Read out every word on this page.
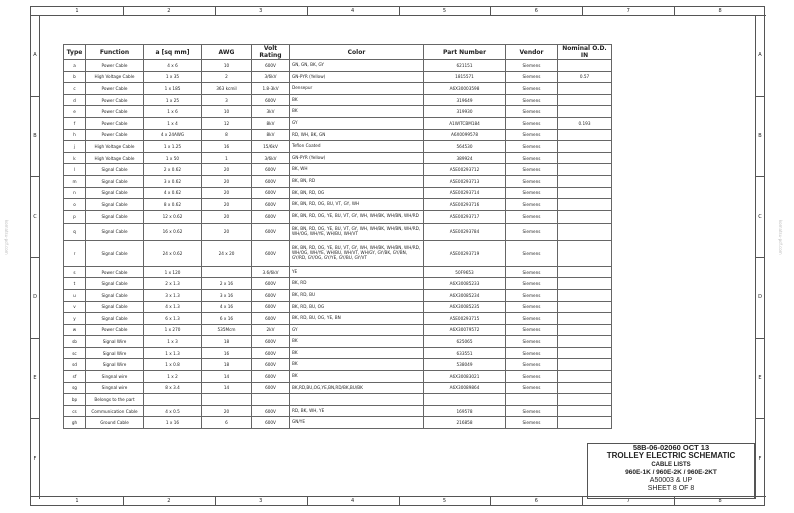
1	2	3	4	5	6	7	8
1	2	3	4	5	6	7	8
A
B
C
D
E
F
A
B
C
D
E
F
Type	Function	a [sq mm]	AWG	Volt Rating	Color	Part Number	Vendor	Nominal O.D. IN
a	Power Cable	4 x 6	10	600V	GN, GN, BK, GY	621151	Siemens	
b	High Voltage Cable	1 x 35	2	3/6kV	GN-PYR (Yellow)	1815571	Siemens	0.57
c	Power Cable	1 x 185	363 kcmil	1.8-3kV	Densepur	A6X30003598	Siemens	
d	Power Cable	1 x 25	3	600V	BK	319649	Siemens	
e	Power Cable	1 x 6	10	3kV	BK	319930	Siemens	
f	Power Cable	1 x 4	12	8kV	GY	A1WITCBM184	Siemens	0.193
h	Power Cable	4 x 24AWG	8	8kV	RD, WH, BK, GN	A6X0099578	Siemens	
j	High Voltage Cable	1 x 1.25	16	15/6kV	Teflon Coated	564530	Siemens	
k	High Voltage Cable	1 x 50	1	3/6kV	GN-PYR (Yellow)	389924	Siemens	
l	Signal Cable	2 x 0.62	20	600V	BK, WH	A5E00293712	Siemens	
m	Signal Cable	3 x 0.62	20	600V	BK, BN, RD	A5E00293713	Siemens	
n	Signal Cable	4 x 0.62	20	600V	BK, BN, RD, OG	A5E00293714	Siemens	
o	Signal Cable	8 x 0.62	20	600V	BK, BN, RD, OG, BU, VT, GY, WH	A5E00293716	Siemens	
p	Signal Cable	12 x 0.62	20	600V	BK, BN, RD, OG, YE, BU, VT, GY, WH, WH/BK, WH/BN, WH/RD	A5E00293717	Siemens	
q	Signal Cable	16 x 0.62	20	600V	BK, BN, RD, OG, YE, BU, VT, GY, WH, WH/BK, WH/BN, WH/RD, WH/OG, WH/YE, WH/BU, WH/VT	A5E00293784	Siemens	
r	Signal Cable	24 x 0.62	24 x 20	600V	BK, BN, RD, OG, YE, BU, VT, GY, WH, WH/BK, WH/BN, WH/RD, WH/OG, WH/YE, WH/BU, WH/VT, WH/GY, GY/BK, GY/BN, GY/RD, GY/OG, GY/YE, GY/BU, GY/VT	A5E00293719	Siemens	
s	Power Cable	1 x 120		3.6/6kV	YE	50F9653	Siemens	
t	Signal Cable	2 x 1.3	2 x 16	600V	BK, RD	A6X30085233	Siemens	
u	Signal Cable	3 x 1.3	3 x 16	600V	BK, RD, BU	A6X30085234	Siemens	
v	Signal Cable	4 x 1.3	4 x 16	600V	BK, RD, BU, OG	A6X30085235	Siemens	
y	Signal Cable	6 x 1.3	6 x 16	600V	BK, RD, BU, OG, YE, BN	A5E00293715	Siemens	
w	Power Cable	1 x 270	535Mcm	2kV	GY	A6X30079572	Siemens	
sb	Signal Wire	1 x 3	18	600V	BK	625065	Siemens	
sc	Signal Wire	1 x 1.3	16	600V	BK	633551	Siemens	
sd	Signal Wire	1 x 0.8	18	600V	BK	538049	Siemens	
sf	Singnal wire	1 x 2	14	600V	BK	A6X30083021	Siemens	
sg	Singnal wire	8 x 3.4	14	600V	BK,RD,BU,OG,YE,BN,RD/BK,BU/BK	A6X30089864	Siemens	
bp	Belongs to the part							
cs	Communication Cable	4 x 0.5	20	600V	RD, BK, WH, YE	169578	Siemens	
gh	Ground Cable	1 x 16	6	600V	GN/YE	216858	Siemens	
58B-06-02060 OCT 13
TROLLEY ELECTRIC SCHEMATIC
CABLE LISTS
960E-1K / 960E-2K / 960E-2KT
A50003 & UP
SHEET 8 OF 8
komatsu-pdf.com	komatsu-pdf.com
